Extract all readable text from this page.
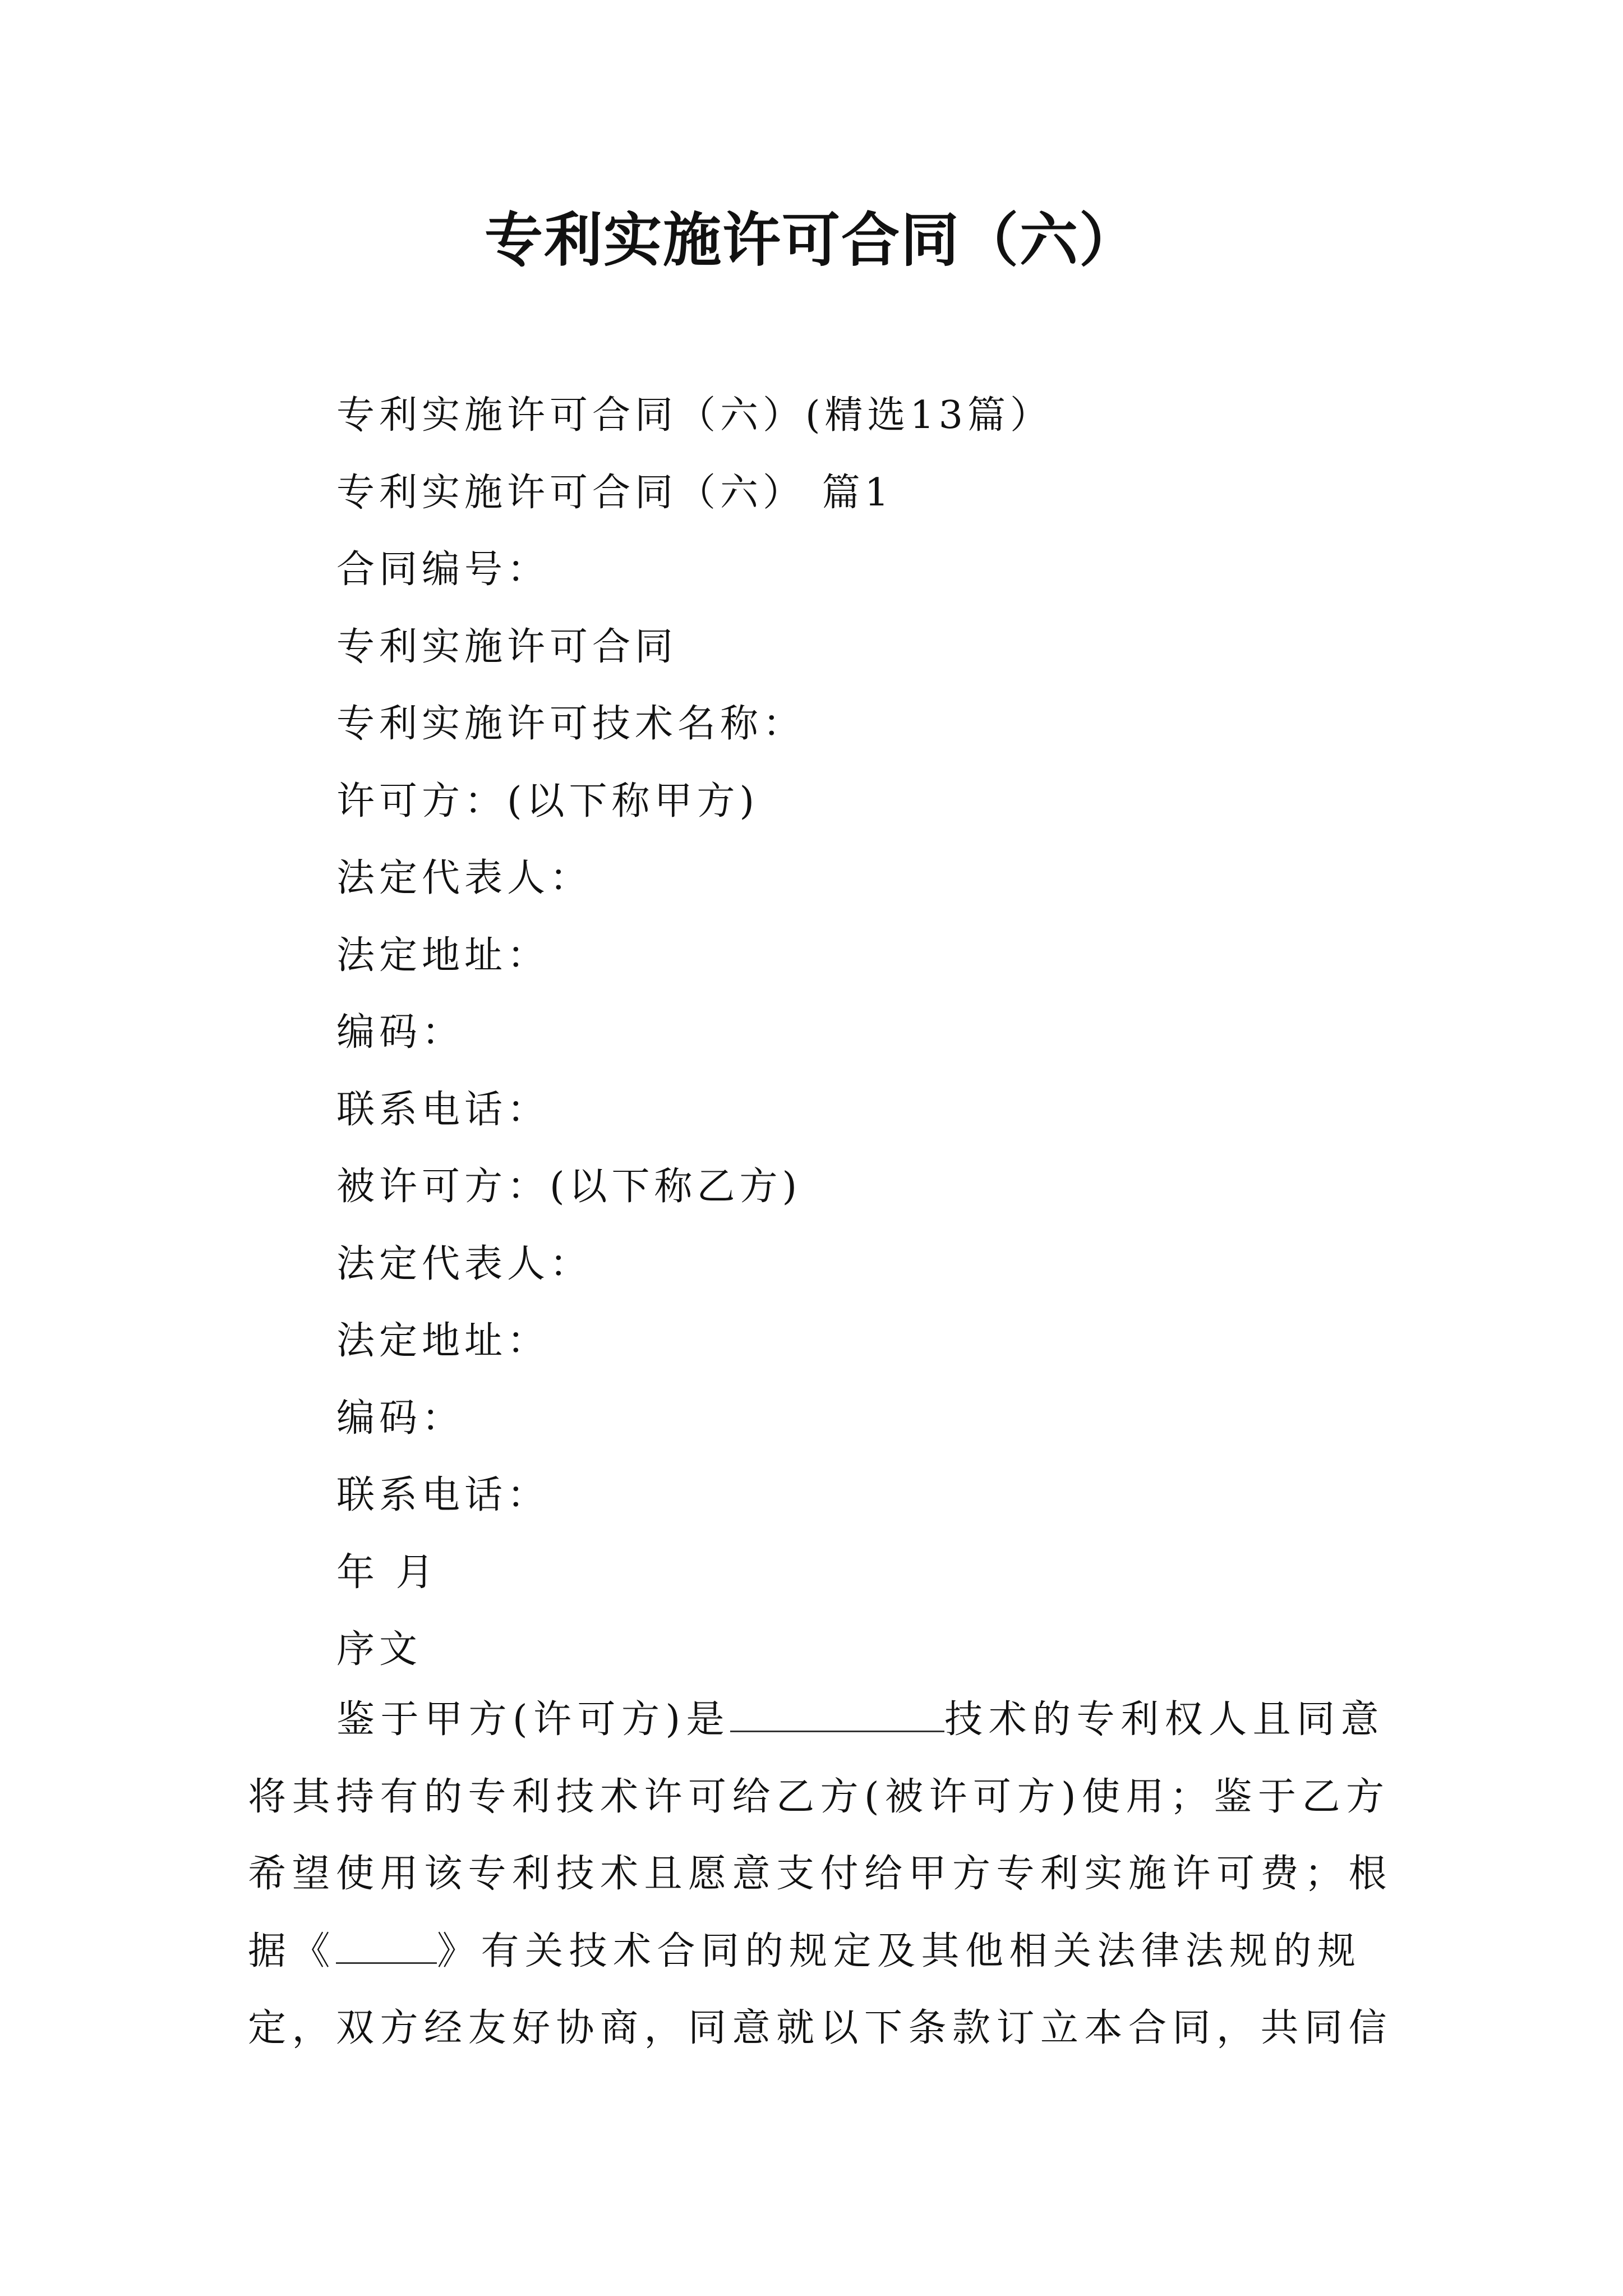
专利实施许可合同（六）
专利实施许可合同（六）(精选13篇）
专利实施许可合同（六） 篇1
合同编号：
专利实施许可合同
专利实施许可技术名称：
许可方：(以下称甲方)
法定代表人：
法定地址：
编码：
联系电话：
被许可方：(以下称乙方)
法定代表人：
法定地址：
编码：
联系电话：
年 月
序文
鉴于甲方(许可方)是	技术的专利权人且同意
将其持有的专利技术许可给乙方(被许可方)使用；鉴于乙方
希望使用该专利技术且愿意支付给甲方专利实施许可费；根
据《	》有关技术合同的规定及其他相关法律法规的规
定，双方经友好协商，同意就以下条款订立本合同，共同信
